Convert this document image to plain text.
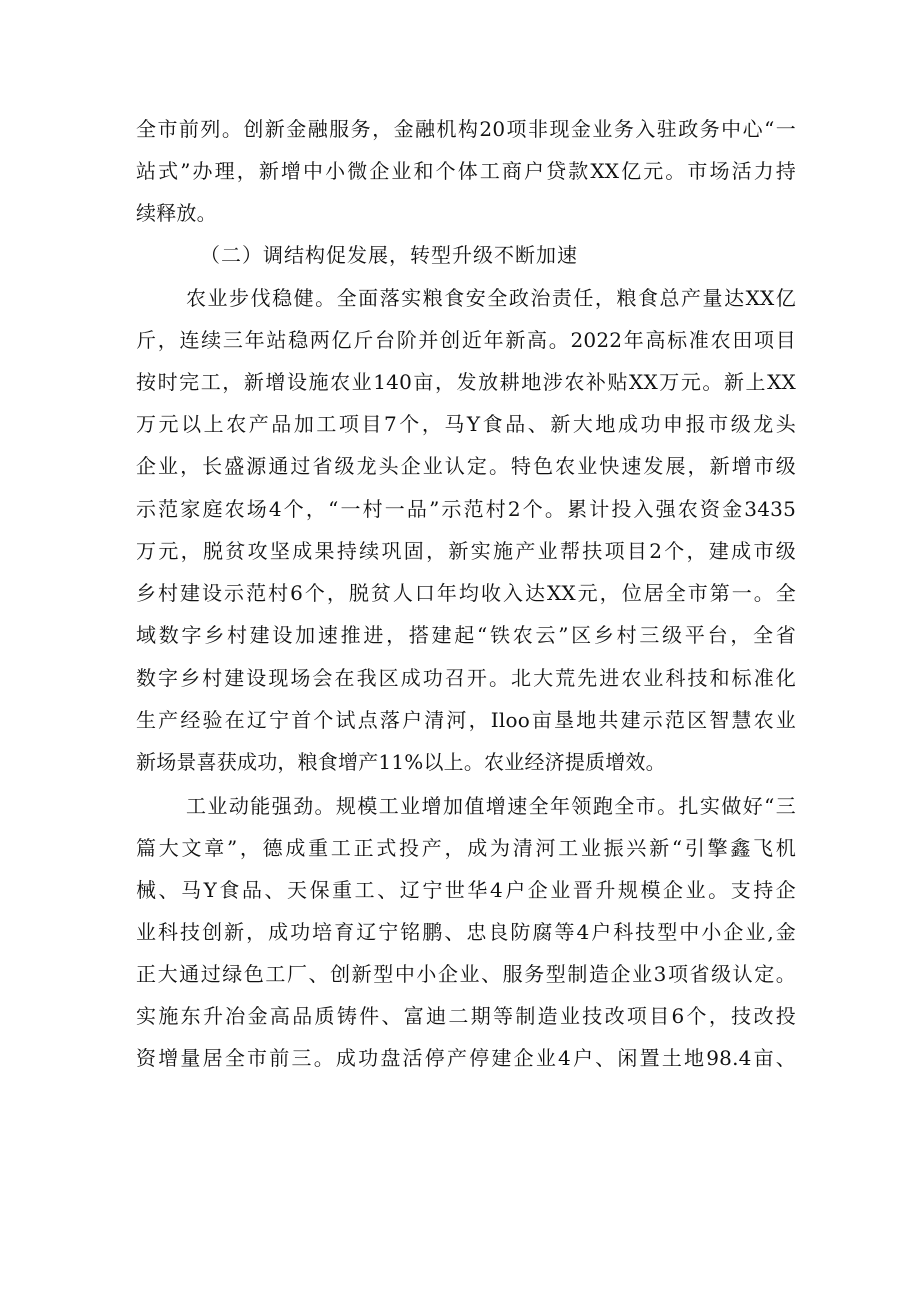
全市前列。创新金融服务，金融机构20项非现金业务入驻政务中心“一
站式”办理，新增中小微企业和个体工商户贷款XX亿元。市场活力持
续释放。
（二）调结构促发展，转型升级不断加速
农业步伐稳健。全面落实粮食安全政治责任，粮食总产量达XX亿
斤，连续三年站稳两亿斤台阶并创近年新高。2022年高标准农田项目
按时完工，新增设施农业140亩，发放耕地涉农补贴XX万元。新上XX
万元以上农产品加工项目7个，马Y食品、新大地成功申报市级龙头
企业，长盛源通过省级龙头企业认定。特色农业快速发展，新增市级
示范家庭农场4个，“一村一品”示范村2个。累计投入强农资金3435
万元，脱贫攻坚成果持续巩固，新实施产业帮扶项目2个，建成市级
乡村建设示范村6个，脱贫人口年均收入达XX元，位居全市第一。全
域数字乡村建设加速推进，搭建起“铁农云”区乡村三级平台，全省
数字乡村建设现场会在我区成功召开。北大荒先进农业科技和标准化
生产经验在辽宁首个试点落户清河，Iloo亩垦地共建示范区智慧农业
新场景喜获成功，粮食增产11%以上。农业经济提质增效。
工业动能强劲。规模工业增加值增速全年领跑全市。扎实做好“三
篇大文章”，德成重工正式投产，成为清河工业振兴新“引擎鑫飞机
械、马Y食品、天保重工、辽宁世华4户企业晋升规模企业。支持企
业科技创新，成功培育辽宁铭鹏、忠良防腐等4户科技型中小企业,金
正大通过绿色工厂、创新型中小企业、服务型制造企业3项省级认定。
实施东升冶金高品质铸件、富迪二期等制造业技改项目6个，技改投
资增量居全市前三。成功盘活停产停建企业4户、闲置土地98.4亩、
